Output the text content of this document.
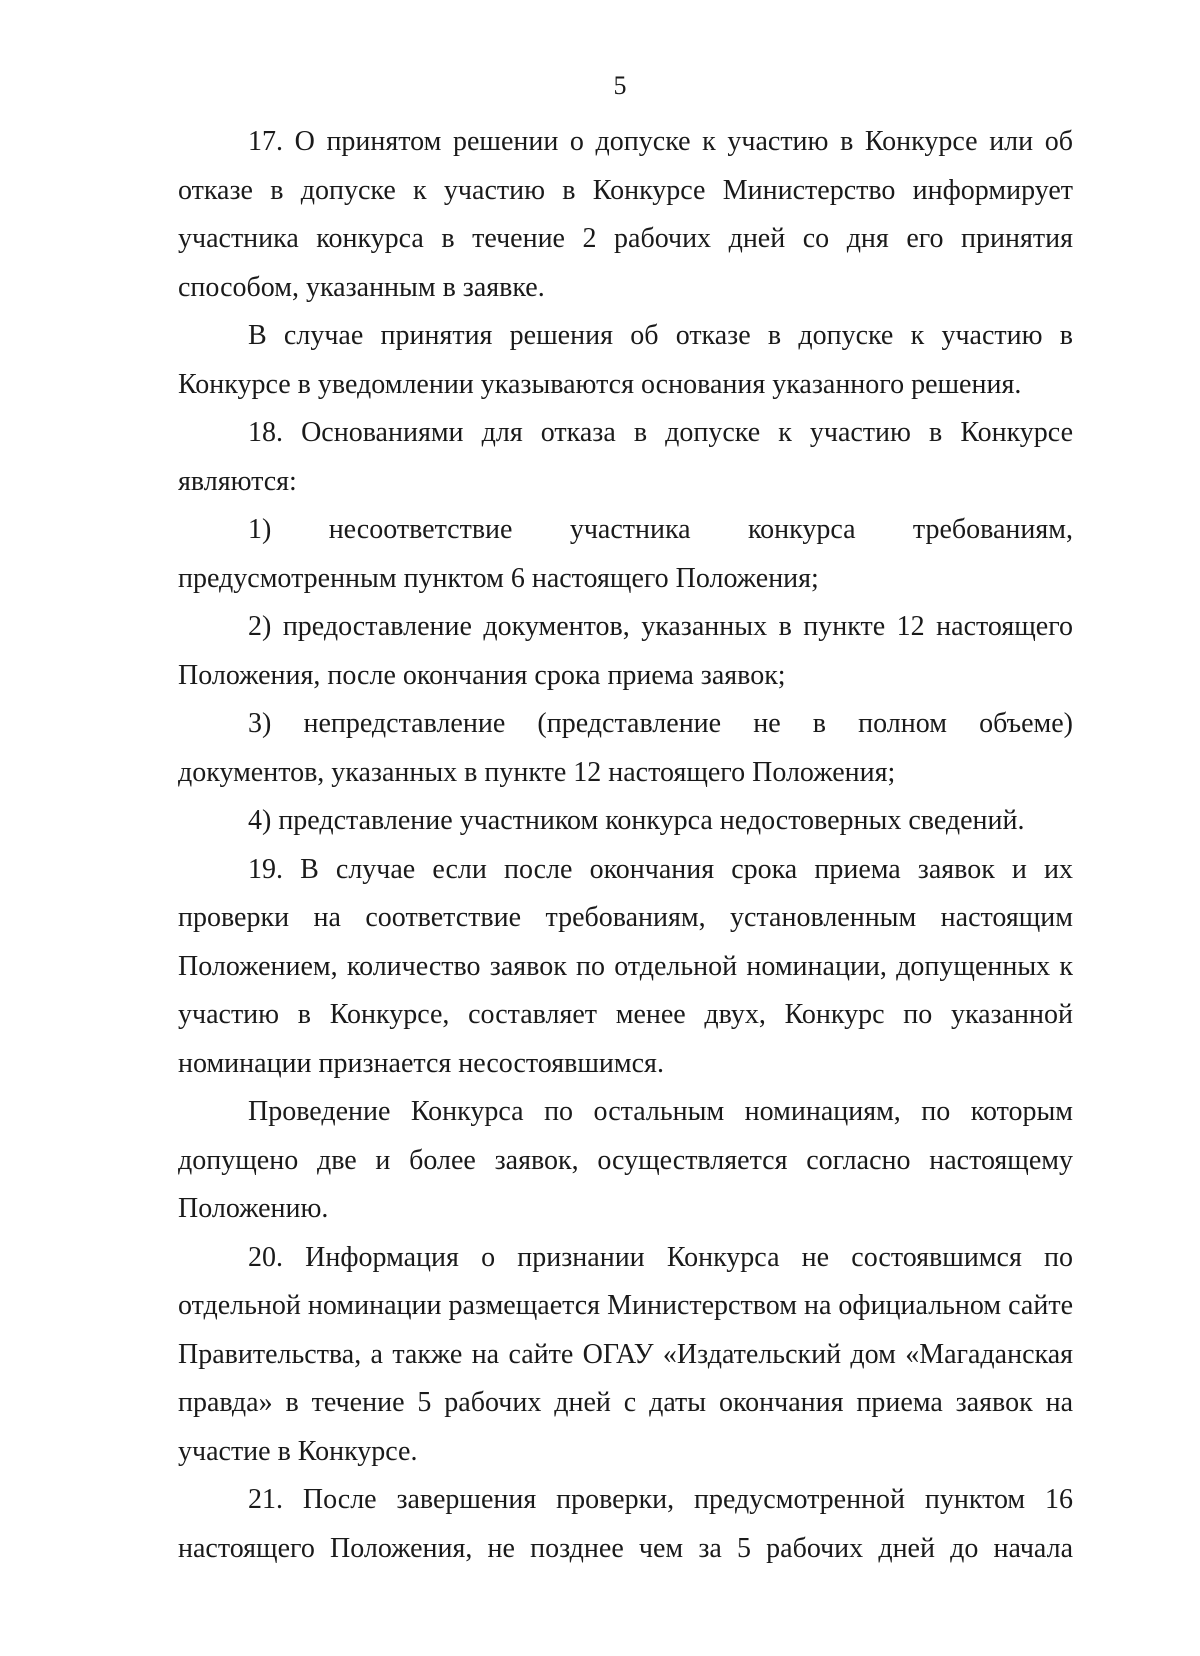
5

17. О принятом решении о допуске к участию в Конкурсе или об отказе в допуске к участию в Конкурсе Министерство информирует участника конкурса в течение 2 рабочих дней со дня его принятия способом, указанным в заявке.

В случае принятия решения об отказе в допуске к участию в Конкурсе в уведомлении указываются основания указанного решения.

18. Основаниями для отказа в допуске к участию в Конкурсе являются:

1) несоответствие участника конкурса требованиям, предусмотренным пунктом 6 настоящего Положения;

2) предоставление документов, указанных в пункте 12 настоящего Положения, после окончания срока приема заявок;

3) непредставление (представление не в полном объеме) документов, указанных в пункте 12 настоящего Положения;

4) представление участником конкурса недостоверных сведений.

19. В случае если после окончания срока приема заявок и их проверки на соответствие требованиям, установленным настоящим Положением, количество заявок по отдельной номинации, допущенных к участию в Конкурсе, составляет менее двух, Конкурс по указанной номинации признается несостоявшимся.

Проведение Конкурса по остальным номинациям, по которым допущено две и более заявок, осуществляется согласно настоящему Положению.

20. Информация о признании Конкурса не состоявшимся по отдельной номинации размещается Министерством на официальном сайте Правительства, а также на сайте ОГАУ «Издательский дом «Магаданская правда» в течение 5 рабочих дней с даты окончания приема заявок на участие в Конкурсе.

21. После завершения проверки, предусмотренной пунктом 16 настоящего Положения, не позднее чем за 5 рабочих дней до начала
